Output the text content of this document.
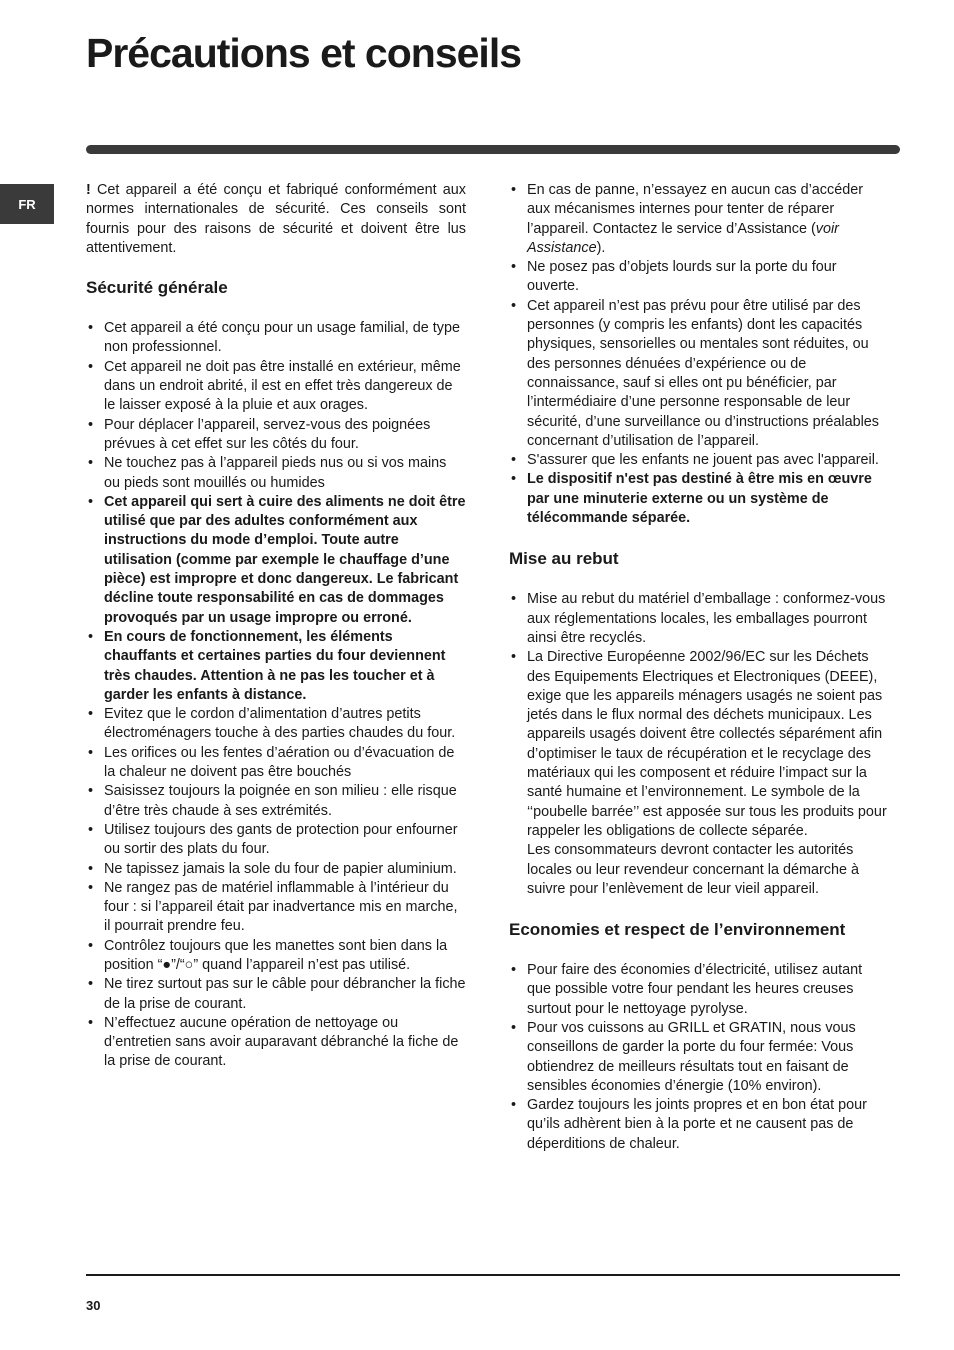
Précautions et conseils
FR

! Cet appareil a été conçu et fabriqué conformément aux normes internationales de sécurité. Ces conseils sont fournis pour des raisons de sécurité et doivent être lus attentivement.

Sécurité générale
• Cet appareil a été conçu pour un usage familial, de type non professionnel.
• Cet appareil ne doit pas être installé en extérieur, même dans un endroit abrité, il est en effet très dangereux de le laisser exposé à la pluie et aux orages.
• Pour déplacer l’appareil, servez-vous des poignées prévues à cet effet sur les côtés du four.
• Ne touchez pas à l’appareil pieds nus ou si vos mains ou pieds sont mouillés ou humides
• Cet appareil qui sert à cuire des aliments ne doit être utilisé que par des adultes conformément aux instructions du mode d’emploi. Toute autre utilisation (comme par exemple le chauffage d’une pièce) est impropre et donc dangereux. Le fabricant décline toute responsabilité en cas de dommages provoqués par un usage impropre ou erroné.
• En cours de fonctionnement, les éléments chauffants et certaines parties du four deviennent très chaudes. Attention à ne pas les toucher et à garder les enfants à distance.
• Evitez que le cordon d’alimentation d’autres petits électroménagers touche à des parties chaudes du four.
• Les orifices ou les fentes d’aération ou d’évacuation de la chaleur ne doivent pas être bouchés
• Saisissez toujours la poignée en son milieu : elle risque d’être très chaude à ses extrémités.
• Utilisez toujours des gants de protection pour enfourner ou sortir des plats du four.
• Ne tapissez jamais la sole du four de papier aluminium.
• Ne rangez pas de matériel inflammable à l’intérieur du four : si l’appareil était par inadvertance mis en marche, il pourrait prendre feu.
• Contrôlez toujours que les manettes sont bien dans la position “●”/“○” quand l’appareil n’est pas utilisé.
• Ne tirez surtout pas sur le câble pour débrancher la fiche de la prise de courant.
• N’effectuez aucune opération de nettoyage ou d’entretien sans avoir auparavant débranché la fiche de la prise de courant.
• En cas de panne, n’essayez en aucun cas d’accéder aux mécanismes internes pour tenter de réparer l’appareil. Contactez le service d’Assistance (voir Assistance).
• Ne posez pas d’objets lourds sur la porte du four ouverte.
• Cet appareil n’est pas prévu pour être utilisé par des personnes (y compris les enfants) dont les capacités physiques, sensorielles ou mentales sont réduites, ou des personnes dénuées d’expérience ou de connaissance, sauf si elles ont pu bénéficier, par l’intermédiaire d’une personne responsable de leur sécurité, d’une surveillance ou d’instructions préalables concernant d’utilisation de l’appareil.
• S'assurer que les enfants ne jouent pas avec l'appareil.
• Le dispositif n'est pas destiné à être mis en œuvre par une minuterie externe ou un système de télécommande séparée.
Mise au rebut
• Mise au rebut du matériel d’emballage : conformez-vous aux réglementations locales, les emballages pourront ainsi être recyclés.
• La Directive Européenne 2002/96/EC sur les Déchets des Equipements Electriques et Electroniques (DEEE), exige que les appareils ménagers usagés ne soient pas jetés dans le flux normal des déchets municipaux. Les appareils usagés doivent être collectés séparément afin d’optimiser le taux de récupération et le recyclage des matériaux qui les composent et réduire l’impact sur la santé humaine et l’environnement. Le symbole de la ‘‘poubelle barrée’’ est apposée sur tous les produits pour rappeler les obligations de collecte séparée.

Les consommateurs devront contacter les autorités locales ou leur revendeur concernant la démarche à suivre pour l’enlèvement de leur vieil appareil.

Economies et respect de l’environnement
• Pour faire des économies d’électricité, utilisez autant que possible votre four pendant les heures creuses surtout pour le nettoyage pyrolyse.
• Pour vos cuissons au GRILL et GRATIN, nous vous conseillons de garder la porte du four fermée: Vous obtiendrez de meilleurs résultats tout en faisant de sensibles économies d’énergie (10% environ).
• Gardez toujours les joints propres et en bon état pour qu’ils adhèrent bien à la porte et ne causent pas de déperditions de chaleur.
30
